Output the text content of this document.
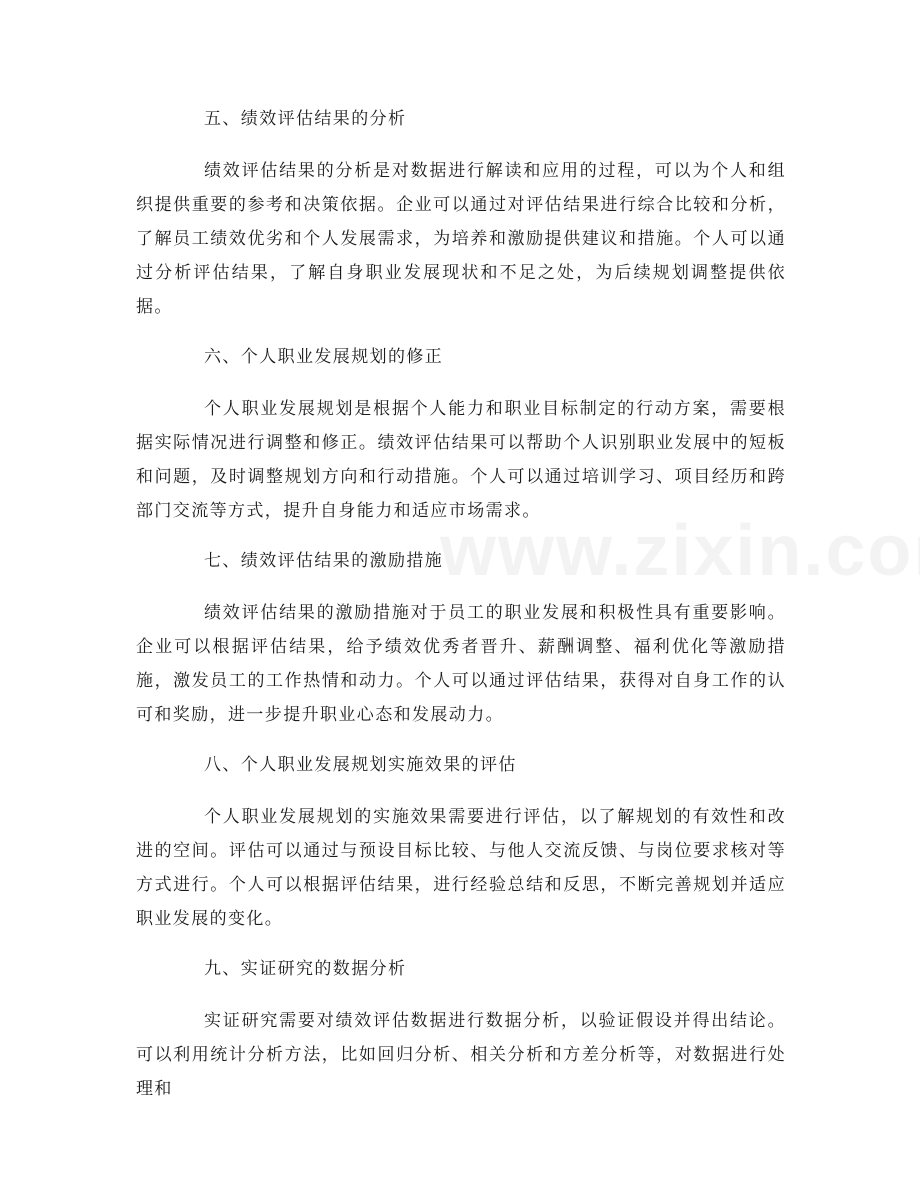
五、绩效评估结果的分析

绩效评估结果的分析是对数据进行解读和应用的过程，可以为个人和组织提供重要的参考和决策依据。企业可以通过对评估结果进行综合比较和分析，了解员工绩效优劣和个人发展需求，为培养和激励提供建议和措施。个人可以通过分析评估结果，了解自身职业发展现状和不足之处，为后续规划调整提供依据。

六、个人职业发展规划的修正

个人职业发展规划是根据个人能力和职业目标制定的行动方案，需要根据实际情况进行调整和修正。绩效评估结果可以帮助个人识别职业发展中的短板和问题，及时调整规划方向和行动措施。个人可以通过培训学习、项目经历和跨部门交流等方式，提升自身能力和适应市场需求。

七、绩效评估结果的激励措施

绩效评估结果的激励措施对于员工的职业发展和积极性具有重要影响。企业可以根据评估结果，给予绩效优秀者晋升、薪酬调整、福利优化等激励措施，激发员工的工作热情和动力。个人可以通过评估结果，获得对自身工作的认可和奖励，进一步提升职业心态和发展动力。

八、个人职业发展规划实施效果的评估

个人职业发展规划的实施效果需要进行评估，以了解规划的有效性和改进的空间。评估可以通过与预设目标比较、与他人交流反馈、与岗位要求核对等方式进行。个人可以根据评估结果，进行经验总结和反思，不断完善规划并适应职业发展的变化。

九、实证研究的数据分析

实证研究需要对绩效评估数据进行数据分析，以验证假设并得出结论。可以利用统计分析方法，比如回归分析、相关分析和方差分析等，对数据进行处理和
